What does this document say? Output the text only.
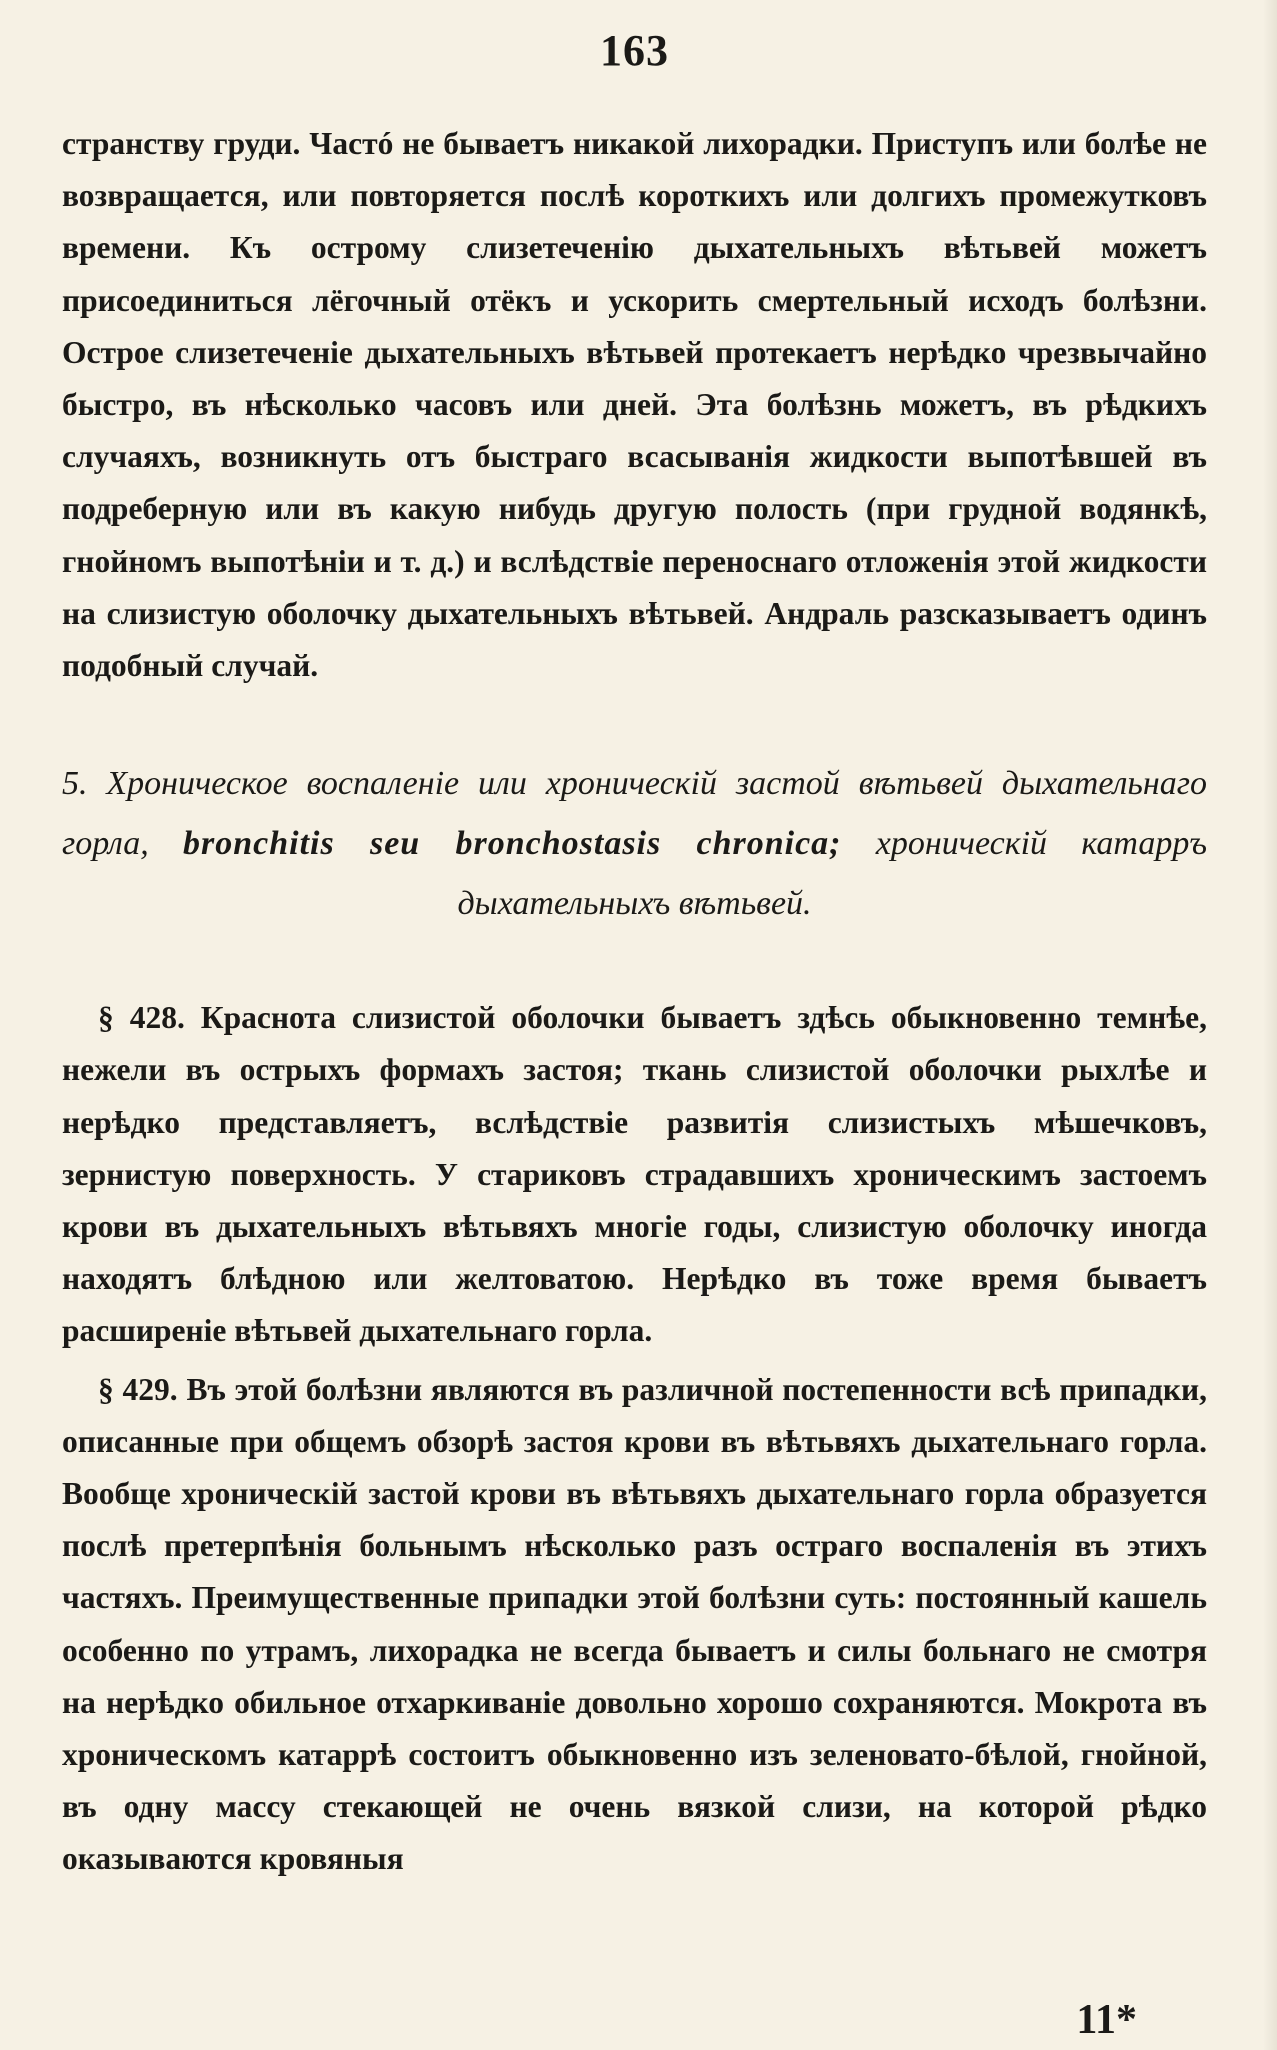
163

странству груди. Частó не бываетъ никакой лихорадки. Приступъ или болѣе не возвращается, или повторяется послѣ короткихъ или долгихъ промежутковъ времени. Къ острому слизетеченію дыхательныхъ вѣтьвей можетъ присоединиться лёгочный отёкъ и ускорить смертельный исходъ болѣзни. Острое слизетеченіе дыхательныхъ вѣтьвей протекаетъ нерѣдко чрезвычайно быстро, въ нѣсколько часовъ или дней. Эта болѣзнь можетъ, въ рѣдкихъ случаяхъ, возникнуть отъ быстраго всасыванія жидкости выпотѣвшей въ подреберную или въ какую нибудь другую полость (при грудной водянкѣ, гнойномъ выпотѣніи и т. д.) и вслѣдствіе переноснаго отложенія этой жидкости на слизистую оболочку дыхательныхъ вѣтьвей. Андраль разсказываетъ одинъ подобный случай.

5. Хроническое воспаленіе или хроническій застой вѣтьвей дыхательнаго горла, bronchitis seu bronchostasis chronica; хроническій катарръ дыхательныхъ вѣтьвей.

§ 428. Краснота слизистой оболочки бываетъ здѣсь обыкновенно темнѣе, нежели въ острыхъ формахъ застоя; ткань слизистой оболочки рыхлѣе и нерѣдко представляетъ, вслѣдствіе развитія слизистыхъ мѣшечковъ, зернистую поверхность. У стариковъ страдавшихъ хроническимъ застоемъ крови въ дыхательныхъ вѣтьвяхъ многіе годы, слизистую оболочку иногда находятъ блѣдною или желтоватою. Нерѣдко въ тоже время бываетъ расширеніе вѣтьвей дыхательнаго горла.

§ 429. Въ этой болѣзни являются въ различной постепенности всѣ припадки, описанные при общемъ обзорѣ застоя крови въ вѣтьвяхъ дыхательнаго горла. Вообще хроническій застой крови въ вѣтьвяхъ дыхательнаго горла образуется послѣ претерпѣнія больнымъ нѣсколько разъ остраго воспаленія въ этихъ частяхъ. Преимущественные припадки этой болѣзни суть: постоянный кашель особенно по утрамъ, лихорадка не всегда бываетъ и силы больнаго не смотря на нерѣдко обильное отхаркиваніе довольно хорошо сохраняются. Мокрота въ хроническомъ катаррѣ состоитъ обыкновенно изъ зеленовато-бѣлой, гнойной, въ одну массу стекающей не очень вязкой слизи, на которой рѣдко оказываются кровяныя

11*
